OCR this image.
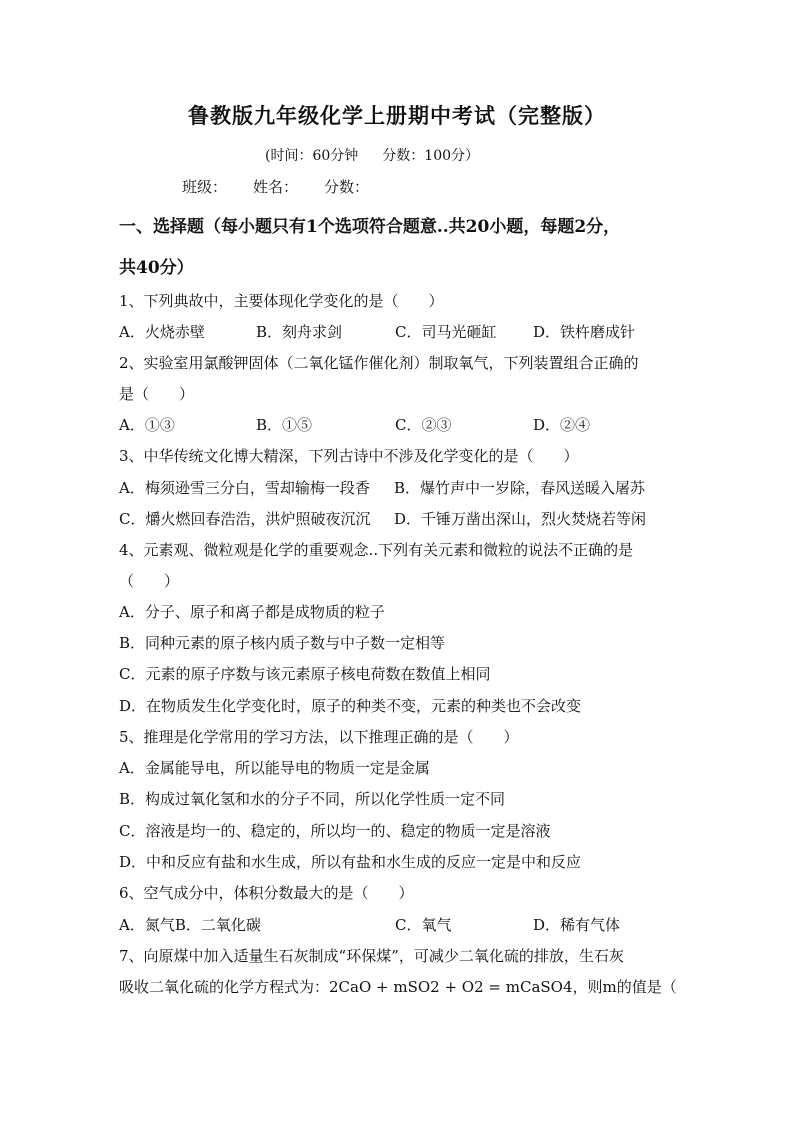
鲁教版九年级化学上册期中考试（完整版）
(时间：60分钟 分数：100分）
班级： 姓名： 分数：
一、选择题（每小题只有1个选项符合题意..共20小题，每题2分，
共40分）
1、下列典故中，主要体现化学变化的是（　　）
A．火烧赤壁	B．刻舟求剑	C．司马光砸缸 D．铁杵磨成针
2、实验室用氯酸钾固体（二氧化锰作催化剂）制取氧气，下列装置组合正确的
是（　　）
A．①③	B．①⑤	C．②③	D．②④
3、中华传统文化博大精深，下列古诗中不涉及化学变化的是（　　）
A．梅须逊雪三分白，雪却输梅一段香 B．爆竹声中一岁除，春风送暖入屠苏
C．爝火燃回春浩浩，洪炉照破夜沉沉 D．千锤万凿出深山，烈火焚烧若等闲
4、元素观、微粒观是化学的重要观念..下列有关元素和微粒的说法不正确的是
（　　）
A．分子、原子和离子都是成物质的粒子
B．同种元素的原子核内质子数与中子数一定相等
C．元素的原子序数与该元素原子核电荷数在数值上相同
D．在物质发生化学变化时，原子的种类不变，元素的种类也不会改变
5、推理是化学常用的学习方法，以下推理正确的是（　　）
A．金属能导电，所以能导电的物质一定是金属
B．构成过氧化氢和水的分子不同，所以化学性质一定不同
C．溶液是均一的、稳定的，所以均一的、稳定的物质一定是溶液
D．中和反应有盐和水生成，所以有盐和水生成的反应一定是中和反应
6、空气成分中，体积分数最大的是（　　）
A．氮气B．二氧化碳	C．氧气	D．稀有气体
7、向原煤中加入适量生石灰制成“环保煤”，可减少二氧化硫的排放，生石灰
吸收二氧化硫的化学方程式为：2CaO + mSO2 + O2 = mCaSO4，则m的值是（
